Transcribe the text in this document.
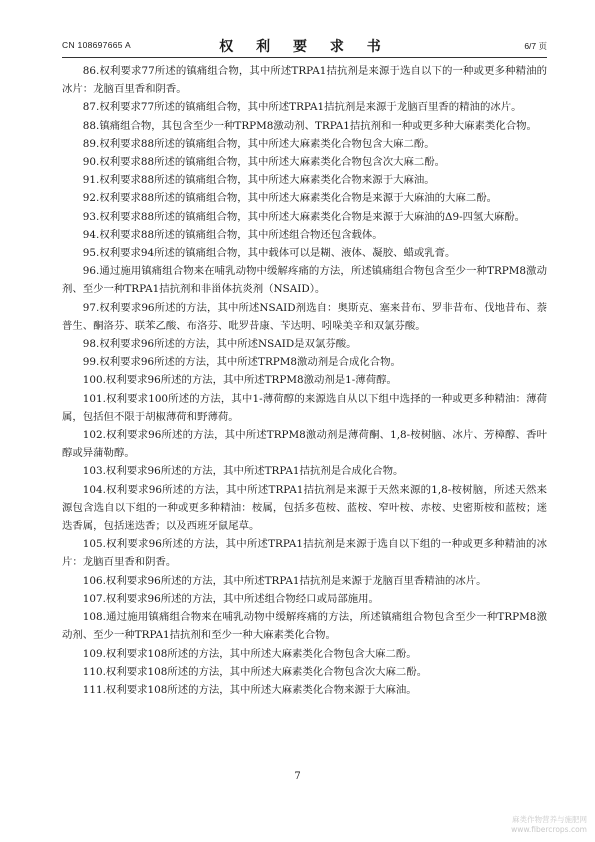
CN 108697665 A	权 利 要 求 书	6/7 页

86.权利要求77所述的镇痛组合物，其中所述TRPA1拮抗剂是来源于选自以下的一种或更多种精油的冰片：龙脑百里香和阴香。

87.权利要求77所述的镇痛组合物，其中所述TRPA1拮抗剂是来源于龙脑百里香的精油的冰片。

88.镇痛组合物，其包含至少一种TRPM8激动剂、TRPA1拮抗剂和一种或更多种大麻素类化合物。

89.权利要求88所述的镇痛组合物，其中所述大麻素类化合物包含大麻二酚。

90.权利要求88所述的镇痛组合物，其中所述大麻素类化合物包含次大麻二酚。

91.权利要求88所述的镇痛组合物，其中所述大麻素类化合物来源于大麻油。

92.权利要求88所述的镇痛组合物，其中所述大麻素类化合物是来源于大麻油的大麻二酚。

93.权利要求88所述的镇痛组合物，其中所述大麻素类化合物是来源于大麻油的Δ9-四氢大麻酚。

94.权利要求88所述的镇痛组合物，其中所述组合物还包含载体。

95.权利要求94所述的镇痛组合物，其中载体可以是糊、液体、凝胶、蜡或乳膏。

96.通过施用镇痛组合物来在哺乳动物中缓解疼痛的方法，所述镇痛组合物包含至少一种TRPM8激动剂、至少一种TRPA1拮抗剂和非甾体抗炎剂（NSAID）。

97.权利要求96所述的方法，其中所述NSAID剂选自：奥斯克、塞来昔布、罗非昔布、伐地昔布、萘普生、酮洛芬、联苯乙酸、布洛芬、吡罗昔康、苄达明、吲哚美辛和双氯芬酸。

98.权利要求96所述的方法，其中所述NSAID是双氯芬酸。

99.权利要求96所述的方法，其中所述TRPM8激动剂是合成化合物。

100.权利要求96所述的方法，其中所述TRPM8激动剂是1-薄荷醇。

101.权利要求100所述的方法，其中1-薄荷醇的来源选自从以下组中选择的一种或更多种精油：薄荷属，包括但不限于胡椒薄荷和野薄荷。

102.权利要求96所述的方法，其中所述TRPM8激动剂是薄荷酮、1,8-桉树脑、冰片、芳樟醇、香叶醇或异蒲勒醇。

103.权利要求96所述的方法，其中所述TRPA1拮抗剂是合成化合物。

104.权利要求96所述的方法，其中所述TRPA1拮抗剂是来源于天然来源的1,8-桉树脑，所述天然来源包含选自以下组的一种或更多种精油：桉属，包括多苞桉、蓝桉、窄叶桉、赤桉、史密斯桉和蓝桉；迷迭香属，包括迷迭香；以及西班牙鼠尾草。

105.权利要求96所述的方法，其中所述TRPA1拮抗剂是来源于选自以下组的一种或更多种精油的冰片：龙脑百里香和阴香。

106.权利要求96所述的方法，其中所述TRPA1拮抗剂是来源于龙脑百里香精油的冰片。

107.权利要求96所述的方法，其中所述组合物经口或局部施用。

108.通过施用镇痛组合物来在哺乳动物中缓解疼痛的方法，所述镇痛组合物包含至少一种TRPM8激动剂、至少一种TRPA1拮抗剂和至少一种大麻素类化合物。

109.权利要求108所述的方法，其中所述大麻素类化合物包含大麻二酚。

110.权利要求108所述的方法，其中所述大麻素类化合物包含次大麻二酚。

111.权利要求108所述的方法，其中所述大麻素类化合物来源于大麻油。

7
麻类作物营养与施肥网
www.fibercrops.com
